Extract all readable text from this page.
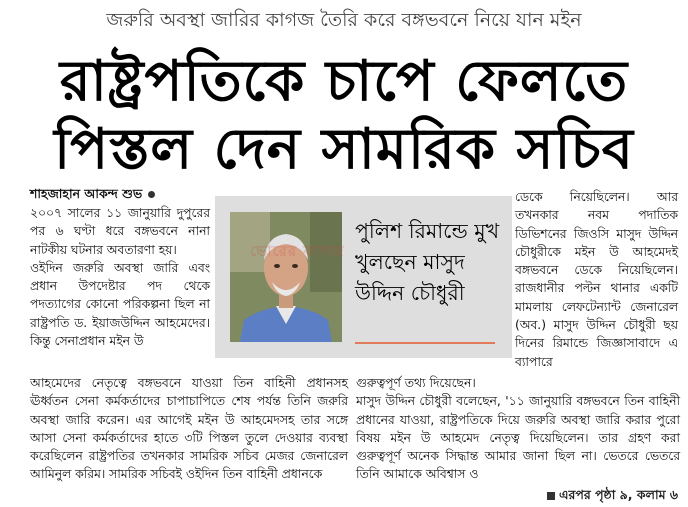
জরুরি অবস্থা জারির কাগজ তৈরি করে বঙ্গভবনে নিয়ে যান মইন
রাষ্ট্রপতিকে চাপে ফেলতে
পিস্তল দেন সামরিক সচিব
শাহজাহান আকন্দ শুভ

২০০৭ সালের ১১ জানুয়ারি দুপুরের পর ৬ ঘণ্টা ধরে বঙ্গভবনে নানা নাটকীয় ঘটনার অবতারণা হয়।

ওইদিন জরুরি অবস্থা জারি এবং প্রধান উপদেষ্টার পদ থেকে পদত্যাগের কোনো পরিকল্পনা ছিল না রাষ্ট্রপতি ড. ইয়াজউদ্দিন আহমেদের। কিন্তু সেনাপ্রধান মইন উ

পুলিশ রিমান্ডে মুখ খুলছেন মাসুদ উদ্দিন চৌধুরী
ভোরের কাগজ

ডেকে নিয়েছিলেন। আর তখনকার নবম পদাতিক ডিভিশনের জিওসি মাসুদ উদ্দিন চৌধুরীকে মইন উ আহমেদই বঙ্গভবনে ডেকে নিয়েছিলেন। রাজধানীর পল্টন থানার একটি মামলায় লেফটেন্যান্ট জেনারেল (অব.) মাসুদ উদ্দিন চৌধুরী ছয় দিনের রিমান্ডে জিজ্ঞাসাবাদে এ ব্যাপারে

আহমেদের নেতৃত্বে বঙ্গভবনে যাওয়া তিন বাহিনী প্রধানসহ ঊর্ধ্বতন সেনা কর্মকর্তাদের চাপাচাপিতে শেষ পর্যন্ত তিনি জরুরি অবস্থা জারি করেন। এর আগেই মইন উ আহমেদসহ তার সঙ্গে আসা সেনা কর্মকর্তাদের হাতে ৩টি পিস্তল তুলে দেওয়ার ব্যবস্থা করেছিলেন রাষ্ট্রপতির তখনকার সামরিক সচিব মেজর জেনারেল আমিনুল করিম। সামরিক সচিবই ওইদিন তিন বাহিনী প্রধানকে

গুরুত্বপূর্ণ তথ্য দিয়েছেন।

মাসুদ উদ্দিন চৌধুরী বলেছেন, '১১ জানুয়ারি বঙ্গভবনে তিন বাহিনী প্রধানের যাওয়া, রাষ্ট্রপতিকে দিয়ে জরুরি অবস্থা জারি করার পুরো বিষয় মইন উ আহমেদ নেতৃত্ব দিয়েছিলেন। তার গ্রহণ করা গুরুত্বপূর্ণ অনেক সিদ্ধান্ত আমার জানা ছিল না। ভেতরে ভেতরে তিনি আমাকে অবিশ্বাস ও

এরপর পৃষ্ঠা ৯, কলাম ৬
